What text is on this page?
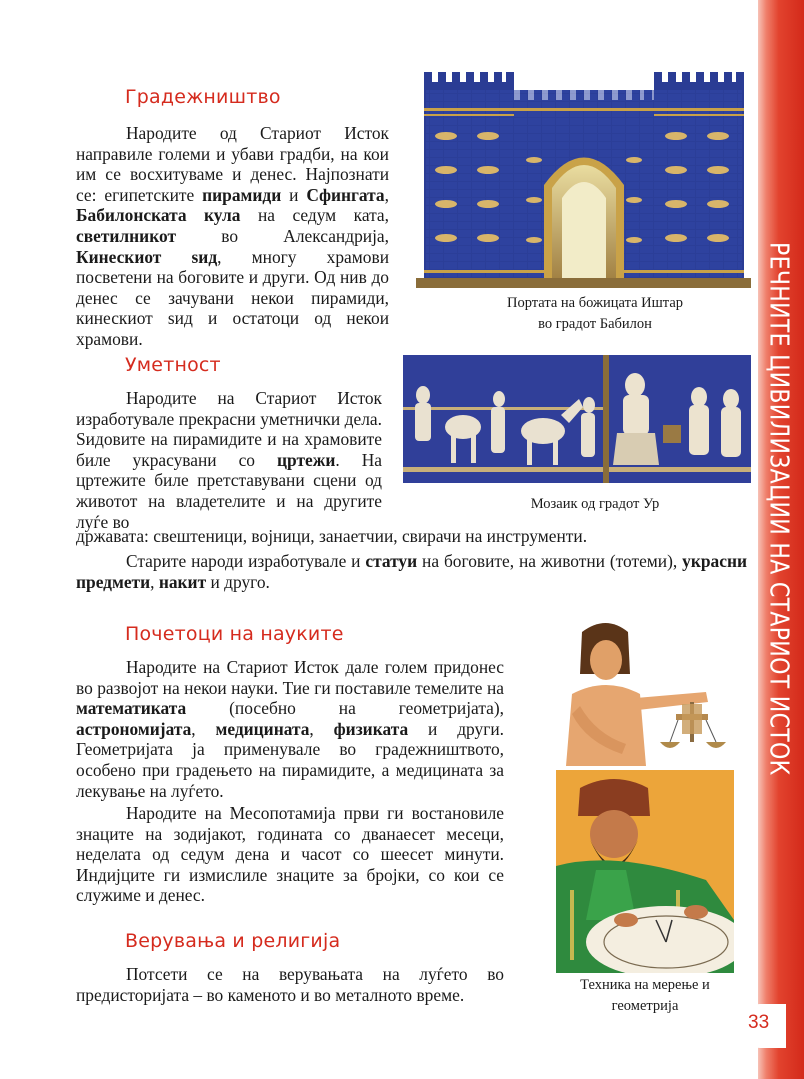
РЕЧНИТЕ ЦИВИЛИЗАЦИИ НА СТАРИОТ ИСТОК
33
Градежништво

Народите од Стариот Исток направиле големи и убави градби, на кои им се восхитуваме и денес. Најпознати се: египетските пирамиди и Сфингата, Бабилонската кула на седум ката, светилникот во Александрија, Кинескиот ѕид, многу храмови посветени на боговите и други. Од нив до денес се зачувани некои пирамиди, кинескиот ѕид и остатоци од некои храмови.

Портата на божицата Иштар
во градот Бабилон

Уметност

Народите на Стариот Исток изработувале прекрасни уметнички дела. Ѕидовите на пирамидите и на храмовите биле украсувани со цртежи. На цртежите биле претставувани сцени од животот на владетелите и на другите луѓе во

државата: свештеници, војници, занаетчии, свирачи на инструменти.

Старите народи изработувале и статуи на боговите, на животни (тотеми), украсни предмети, накит и друго.

Мозаик од градот Ур

Почетоци на науките

Народите на Стариот Исток дале голем придонес во развојот на некои науки. Тие ги поставиле темелите на математиката (посебно на геометријата), астрономијата, медицината, физиката и други. Геометријата ја применувале во градежништвото, особено при градењето на пирамидите, а медицината за лекување на луѓето.

Народите на Месопотамија први ги востановиле знаците на зодијакот, годината со дванаесет месеци, неделата од седум дена и часот со шеесет минути. Индијците ги измислиле знаците за бројки, со кои се служиме и денес.

Техника на мерење и
геометрија

Верувања и религија

Потсети се на верувањата на луѓето во предисторијата – во каменото и во металното време.
